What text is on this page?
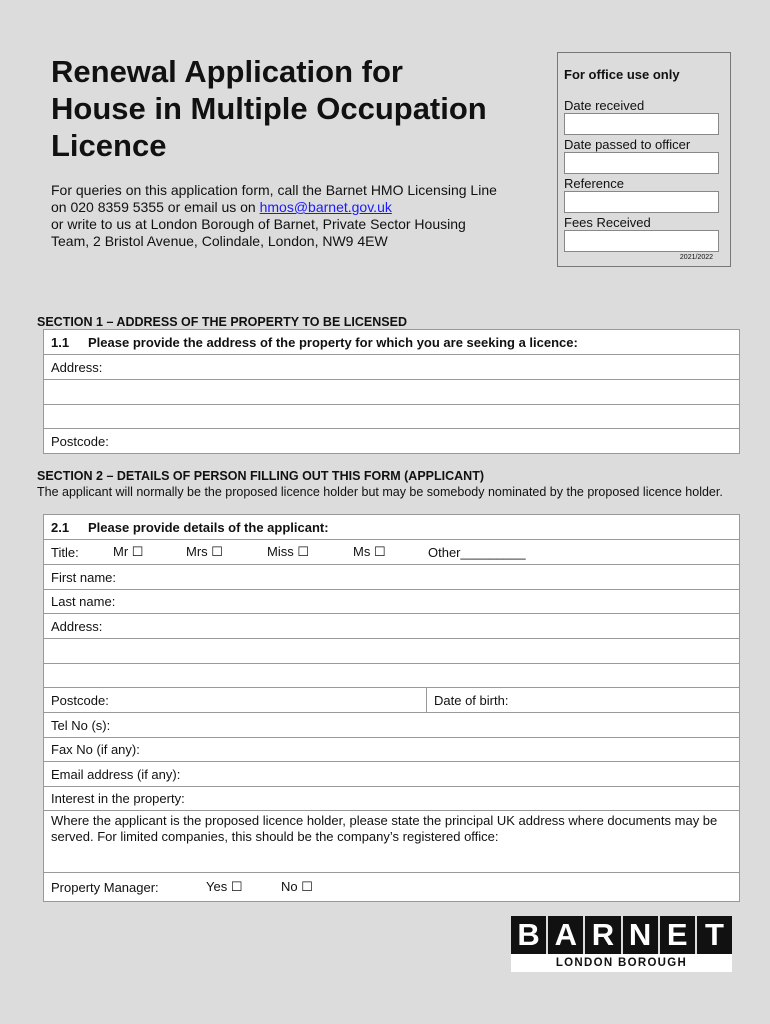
Renewal Application for
House in Multiple Occupation
Licence

For queries on this application form, call the Barnet HMO Licensing Line
on 020 8359 5355 or email us on hmos@barnet.gov.uk
or write to us at London Borough of Barnet, Private Sector Housing
Team, 2 Bristol Avenue, Colindale, London, NW9 4EW

For office use only
Date received
Date passed to officer
Reference
Fees Received
2021/2022
SECTION 1 – ADDRESS OF THE PROPERTY TO BE LICENSED
1.1	Please provide the address of the property for which you are seeking a licence:
Address:
Postcode:
SECTION 2 – DETAILS OF PERSON FILLING OUT THIS FORM (APPLICANT)
The applicant will normally be the proposed licence holder but may be somebody nominated by the proposed licence holder.
2.1	Please provide details of the applicant:
Title:	Mr ☐	Mrs ☐	Miss ☐	Ms ☐	Other_________
First name:
Last name:
Address:
Postcode:	Date of birth:
Tel No (s):
Fax No (if any):
Email address (if any):
Interest in the property:
Where the applicant is the proposed licence holder, please state the principal UK address where documents may be served. For limited companies, this should be the company’s registered office:
Property Manager:	Yes ☐	No ☐
B A R N E T
LONDON BOROUGH
